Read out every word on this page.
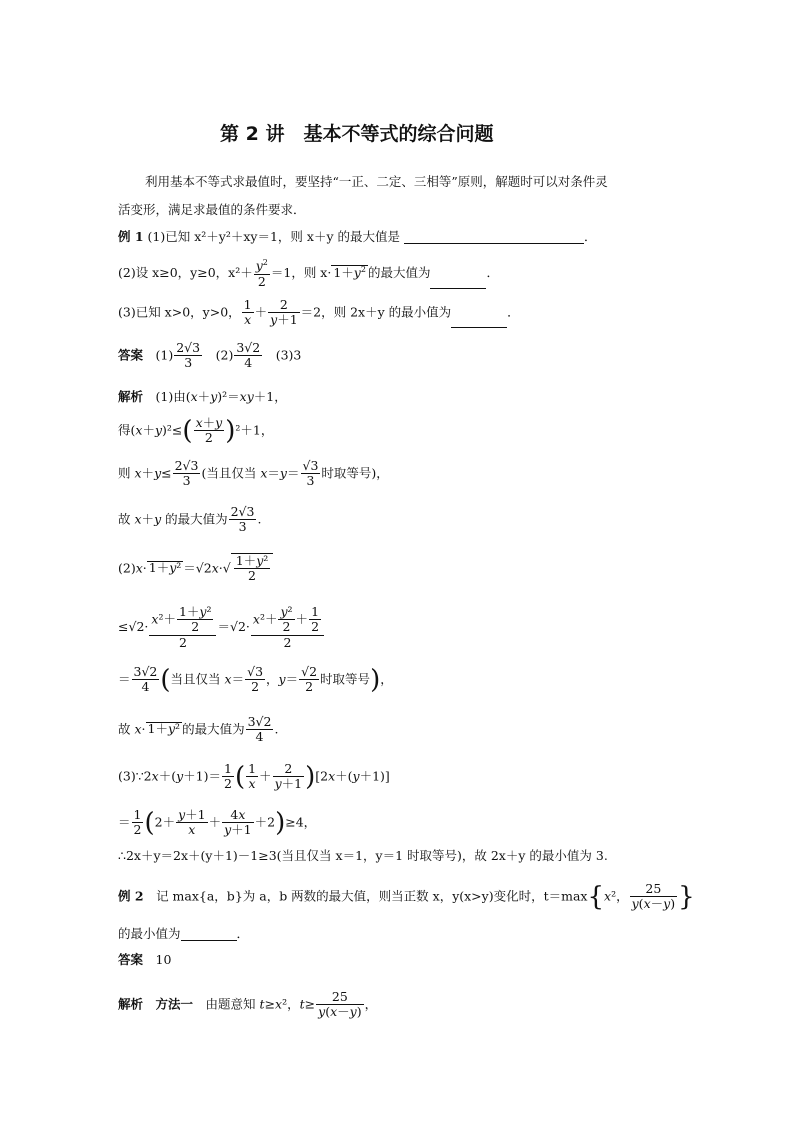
第 2 讲　基本不等式的综合问题
利用基本不等式求最值时，要坚持“一正、二定、三相等”原则，解题时可以对条件灵
活变形，满足求最值的条件要求．
例 1 (1)已知 x²＋y²＋xy＝1，则 x＋y 的最大值是	．
(2)设 x≥0，y≥0，$x^2+ \frac{y^2}{2} =1$，则 $x\cdot 1+y^2$ 的最大值为	．
(3)已知 x>0，y>0， $\frac{1}{x} + \frac{2}{y+1} =2$，则 2x＋y 的最小值为	．
答案　$(1) \frac{2√3}{3}$ 　$(2) \frac{3√2}{4}$ 　(3)3
解析　(1)由(x＋y)²＝xy＋1，
得$(x+y)^2\le( \frac{x+y}{2} )^2+1$，
则 $x+y\le \frac{2√3}{3}$ (当且仅当 $x=y= \frac{√3}{3}$ 时取等号)，
故 x＋y 的最大值为 $\frac{2√3}{3}$ .
$(2)x\cdot 1+y^2 =√2x\cdot√ \frac{\text{1＋y²}}{2}$
$\le√2\cdot \frac{x^2+ \frac{\text{1＋y²}}{2}}{2} =√2\cdot \frac{x^2+ \frac{\text{y²}}{2} + \frac{1}{2}}{2}$
＝ $\frac{3√2}{4}$ (当且仅当 $x= \frac{√3}{2}$ ，$y= \frac{√2}{2}$ 时取等号)，
故 x· 1＋y² 的最大值为 $\frac{3√2}{4}$ .
(3)∵2x＋(y＋1)＝ $\frac{1}{2}$ ( $\frac{1}{x} + \frac{2}{y+1} )[2x+(y+1)]$
＝ $\frac{1}{2} (2+ \frac{y+1}{x} + \frac{4x}{y+1} +2)\ge 4$，
∴2x＋y＝2x＋(y＋1)－1≥3(当且仅当 x＝1，y＝1 时取等号)，故 2x＋y 的最小值为 3.
例 2　 记 max{a，b}为 a，b 两数的最大值，则当正数 x，y(x>y)变化时，t＝max{x²， $\frac{25}{y(x-y)}$ }
的最小值为	．
答案　 10
解析　 方法一　由题意知 t≥x²，$t\ge \frac{25}{y(x-y)}$ ，
